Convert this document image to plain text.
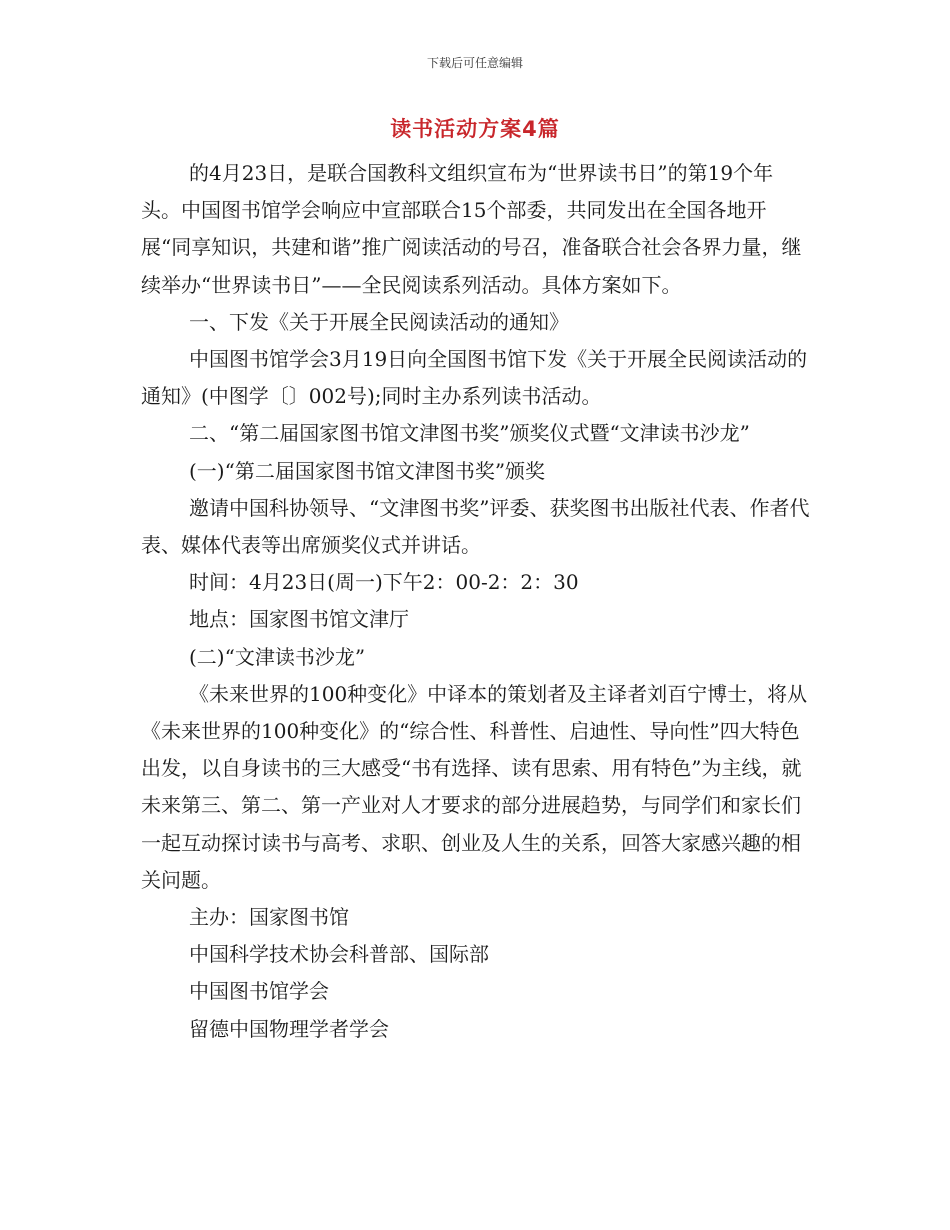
下载后可任意编辑
读书活动方案4篇

的4月23日，是联合国教科文组织宣布为“世界读书日”的第19个年头。中国图书馆学会响应中宣部联合15个部委，共同发出在全国各地开展“同享知识，共建和谐”推广阅读活动的号召，准备联合社会各界力量，继续举办“世界读书日”——全民阅读系列活动。具体方案如下。

一、下发《关于开展全民阅读活动的通知》

中国图书馆学会3月19日向全国图书馆下发《关于开展全民阅读活动的通知》(中图学〔〕002号);同时主办系列读书活动。

二、“第二届国家图书馆文津图书奖”颁奖仪式暨“文津读书沙龙”

(一)“第二届国家图书馆文津图书奖”颁奖

邀请中国科协领导、“文津图书奖”评委、获奖图书出版社代表、作者代表、媒体代表等出席颁奖仪式并讲话。

时间：4月23日(周一)下午2：00-2：2：30

地点：国家图书馆文津厅

(二)“文津读书沙龙”

《未来世界的100种变化》中译本的策划者及主译者刘百宁博士，将从《未来世界的100种变化》的“综合性、科普性、启迪性、导向性”四大特色出发，以自身读书的三大感受“书有选择、读有思索、用有特色”为主线，就未来第三、第二、第一产业对人才要求的部分进展趋势，与同学们和家长们一起互动探讨读书与高考、求职、创业及人生的关系，回答大家感兴趣的相关问题。

主办：国家图书馆

中国科学技术协会科普部、国际部

中国图书馆学会

留德中国物理学者学会
